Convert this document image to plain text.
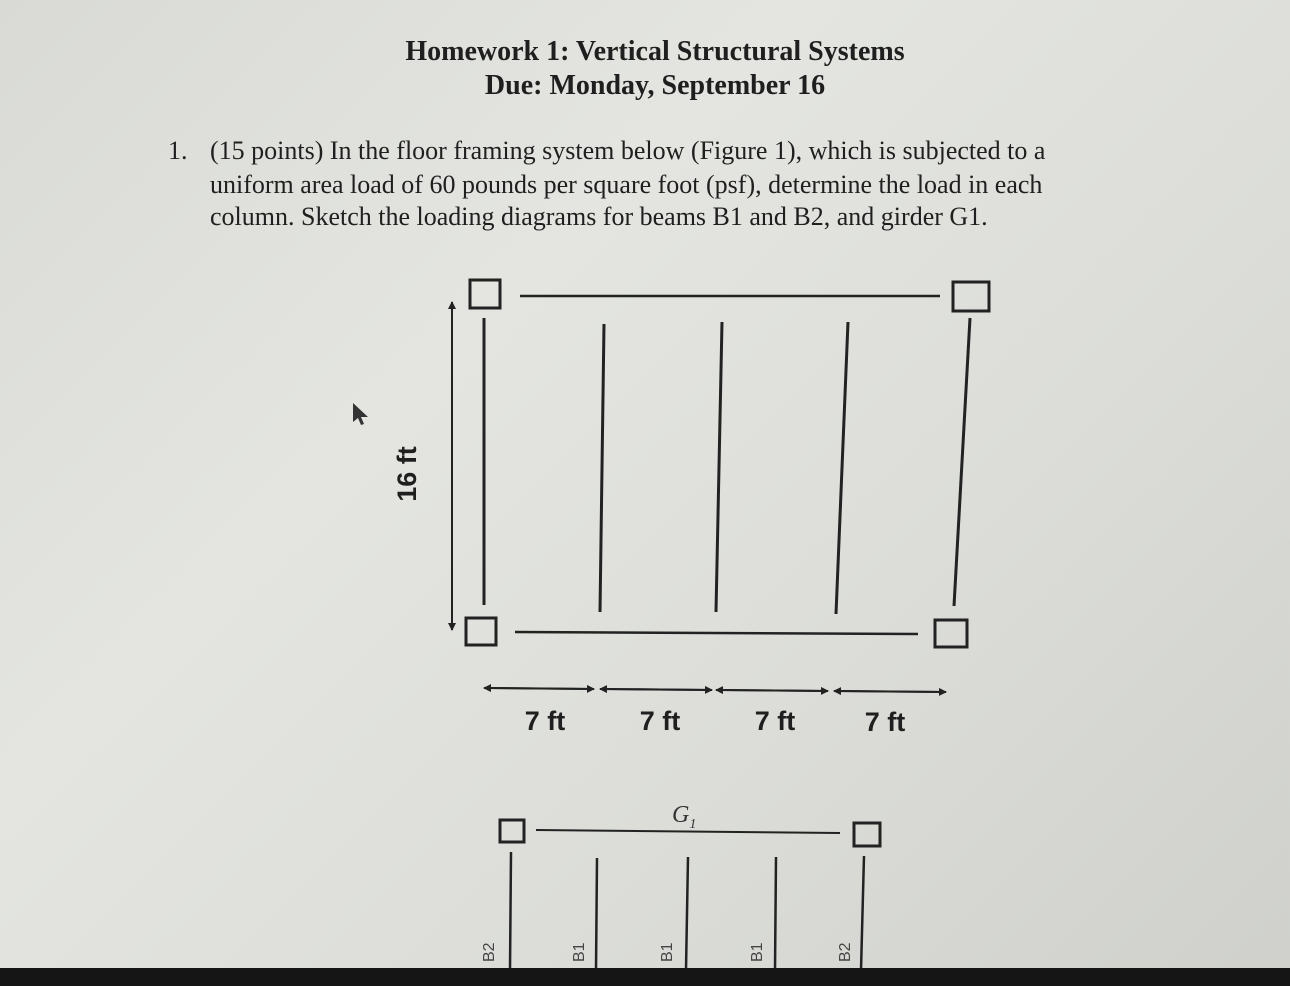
Homework 1: Vertical Structural Systems
Due: Monday, September 16
1. (15 points) In the floor framing system below (Figure 1), which is subjected to a
uniform area load of 60 pounds per square foot (psf), determine the load in each
column. Sketch the loading diagrams for beams B1 and B2, and girder G1.
16 ft
7 ft	7 ft	7 ft	7 ft
$G_1$
B2	B1	B1	B1	B2
